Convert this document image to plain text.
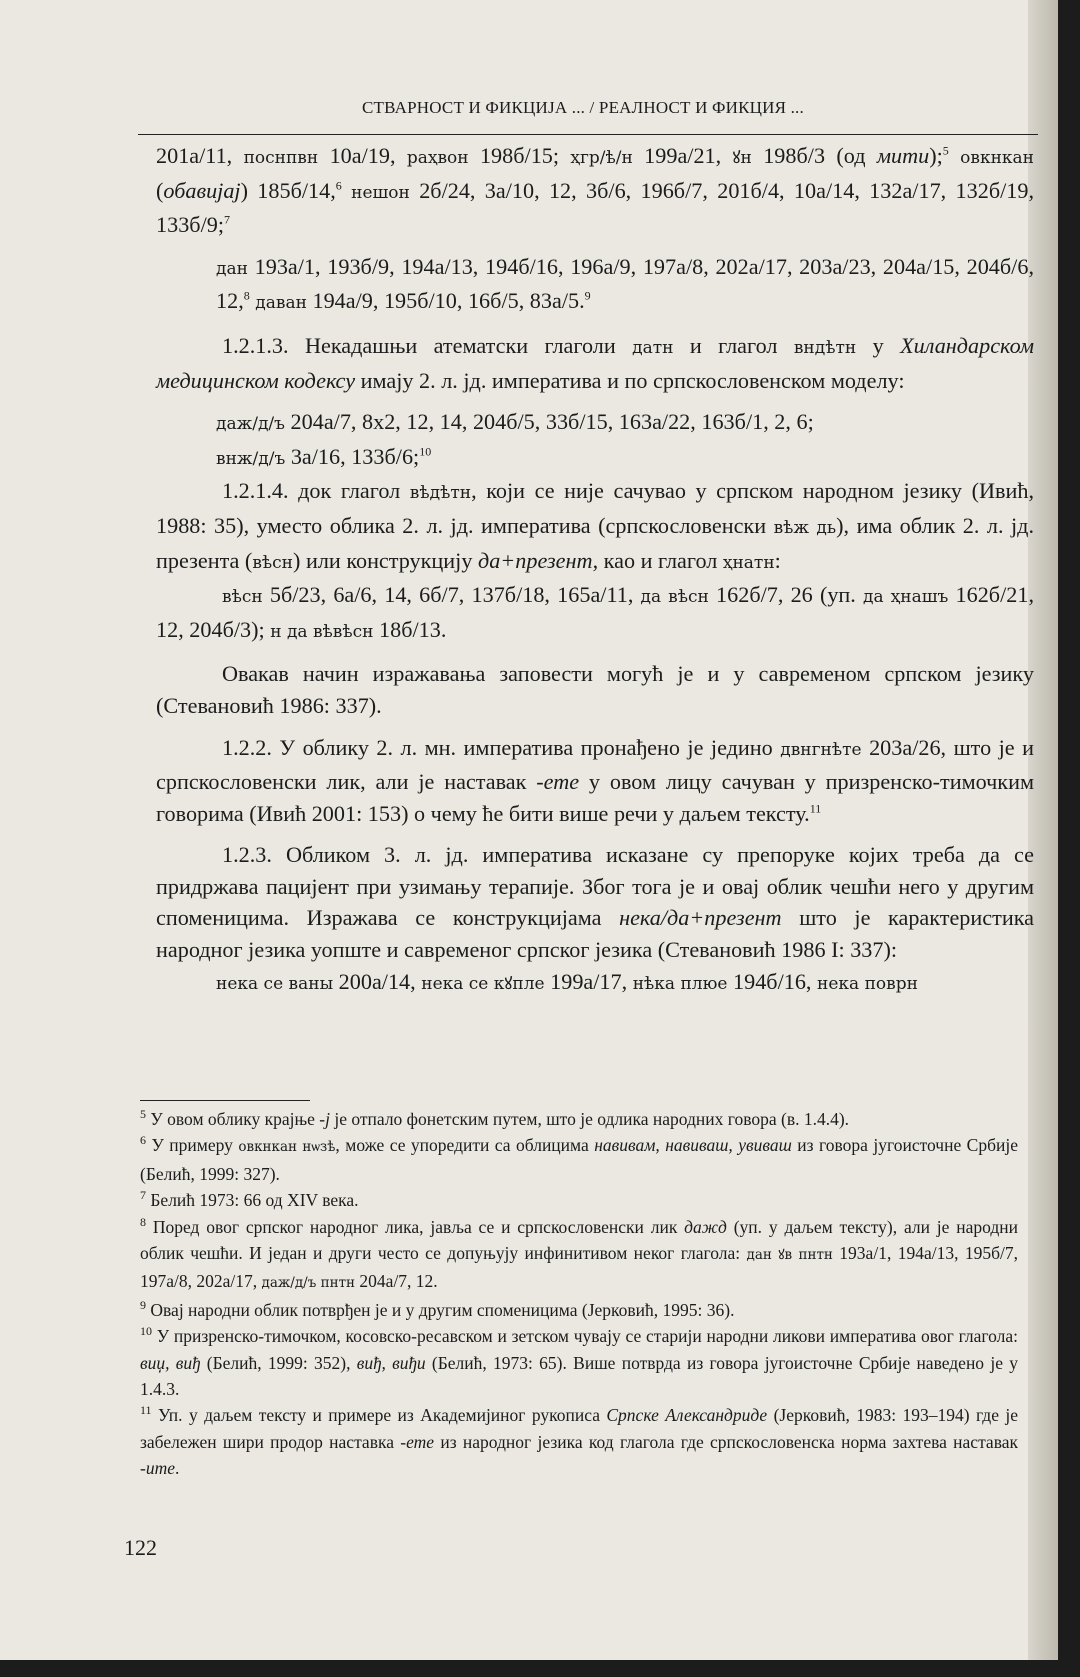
СТВАРНОСТ И ФИКЦИЈА ... / РЕАЛНОСТ И ФИКЦИЯ ...

201а/11, поснпвн 10а/19, раҳвон 198б/15; ҳгр/ѣ/н 199а/21, ꙋн 198б/3 (од мити);$^5$ овкнкан (обавијај) 185б/14,$^6$ нешон 2б/24, 3а/10, 12, 3б/6, 196б/7, 201б/4, 10а/14, 132а/17, 132б/19, 133б/9;$^7$

дан 193а/1, 193б/9, 194а/13, 194б/16, 196а/9, 197а/8, 202а/17, 203а/23, 204а/15, 204б/6, 12,$^8$ даван 194а/9, 195б/10, 16б/5, 83а/5.$^9$

1.2.1.3. Некадашњи атематски глаголи датн и глагол вндѣтн у Хиландарском медицинском кодексу имају 2. л. јд. императива и по српскословенском моделу:

даж/д/ъ 204а/7, 8х2, 12, 14, 204б/5, 33б/15, 163а/22, 163б/1, 2, 6;

внж/д/ъ 3а/16, 133б/6;$^{10}$

1.2.1.4. док глагол вѣдѣтн, који се није сачувао у српском народном језику (Ивић, 1988: 35), уместо облика 2. л. јд. императива (српскословенски вѣж дь), има облик 2. л. јд. презента (вѣсн) или конструкцију да+презент, као и глагол ҳнатн:

вѣсн 5б/23, 6а/6, 14, 6б/7, 137б/18, 165а/11, да вѣсн 162б/7, 26 (уп. да ҳнашъ 162б/21, 12, 204б/3); н да вѣвѣсн 18б/13.

Овакав начин изражавања заповести могућ је и у савременом српском језику (Стевановић 1986: 337).

1.2.2. У облику 2. л. мн. императива пронађено је једино двнгнѣте 203а/26, што је и српскословенски лик, али је наставак -ете у овом лицу сачуван у призренско-тимочким говорима (Ивић 2001: 153) о чему ће бити више речи у даљем тексту.$^{11}$

1.2.3. Обликом 3. л. јд. императива исказане су препоруке којих треба да се придржава пацијент при узимању терапије. Због тога је и овај облик чешћи него у другим споменицима. Изражава се конструкцијама нека/да+презент што је карактеристика народног језика уопште и савременог српског језика (Стевановић 1986 I: 337):

нека се ваны 200а/14, нека се кꙋпле 199а/17, нѣка плюе 194б/16, нека поврн

$^5$ У овом облику крајње -ј је отпало фонетским путем, што је одлика народних говора (в. 1.4.4).

$^6$ У примеру овкнкан нѡзѣ, може се упоредити са облицима навивам, навиваш, увиваш из говора југоисточне Србије (Белић, 1999: 327).

$^7$ Белић 1973: 66 од XIV века.

$^8$ Поред овог српског народног лика, јавља се и српскословенски лик дажд (уп. у даљем тексту), али је народни облик чешћи. И један и други често се допуњују инфинитивом неког глагола: дан ꙋв пнтн 193а/1, 194а/13, 195б/7, 197а/8, 202а/17, даж/д/ъ пнтн 204а/7, 12.

$^9$ Овај народни облик потврђен је и у другим споменицима (Јерковић, 1995: 36).

$^{10}$ У призренско-тимочком, косовско-ресавском и зетском чувају се старији народни ликови императива овог глагола: виџ, виђ (Белић, 1999: 352), виђ, виђи (Белић, 1973: 65). Више потврда из говора југоисточне Србије наведено је у 1.4.3.

$^{11}$ Уп. у даљем тексту и примере из Академијиног рукописа Српске Александриде (Јерковић, 1983: 193–194) где је забележен шири продор наставка -ете из народног језика код глагола где српскословенска норма захтева наставак -ите.

122
